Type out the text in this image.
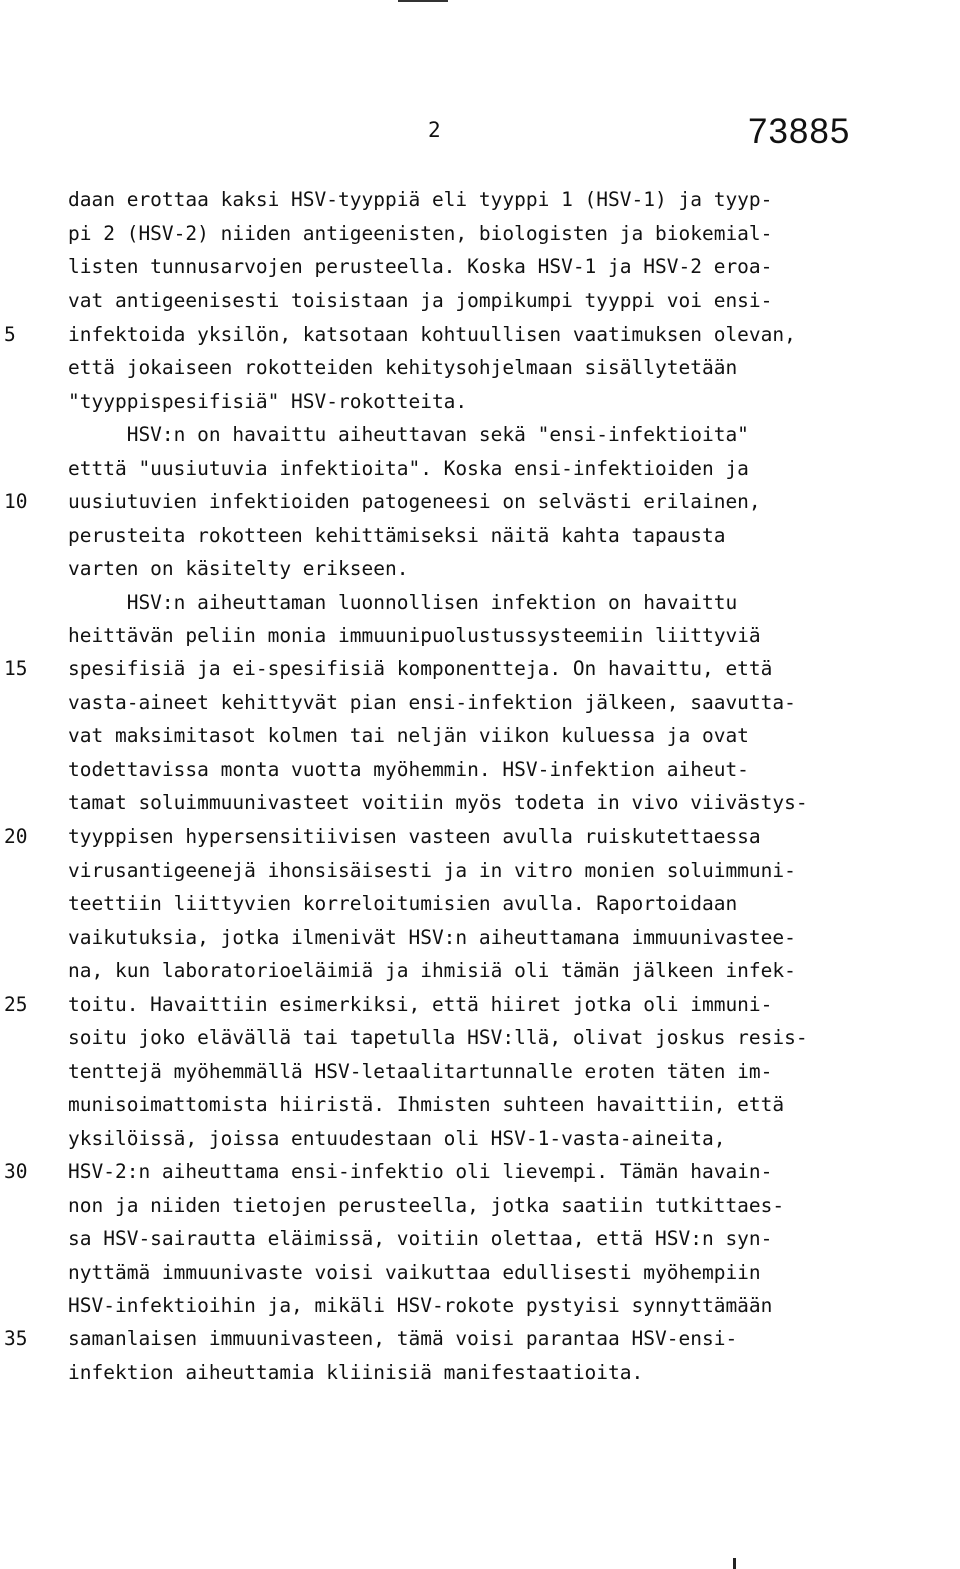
2	73885
5
10
15
20
25
30
35
daan erottaa kaksi HSV-tyyppiä eli tyyppi 1 (HSV-1) ja tyyp-
pi 2 (HSV-2) niiden antigeenisten, biologisten ja biokemial-
listen tunnusarvojen perusteella. Koska HSV-1 ja HSV-2 eroa-
vat antigeenisesti toisistaan ja jompikumpi tyyppi voi ensi-
infektoida yksilön, katsotaan kohtuullisen vaatimuksen olevan,
että jokaiseen rokotteiden kehitysohjelmaan sisällytetään
"tyyppispesifisiä" HSV-rokotteita.
HSV:n on havaittu aiheuttavan sekä "ensi-infektioita"
etttä "uusiutuvia infektioita". Koska ensi-infektioiden ja
uusiutuvien infektioiden patogeneesi on selvästi erilainen,
perusteita rokotteen kehittämiseksi näitä kahta tapausta
varten on käsitelty erikseen.
HSV:n aiheuttaman luonnollisen infektion on havaittu
heittävän peliin monia immuunipuolustussysteemiin liittyviä
spesifisiä ja ei-spesifisiä komponentteja. On havaittu, että
vasta-aineet kehittyvät pian ensi-infektion jälkeen, saavutta-
vat maksimitasot kolmen tai neljän viikon kuluessa ja ovat
todettavissa monta vuotta myöhemmin. HSV-infektion aiheut-
tamat soluimmuunivasteet voitiin myös todeta in vivo viivästys-
tyyppisen hypersensitiivisen vasteen avulla ruiskutettaessa
virusantigeenejä ihonsisäisesti ja in vitro monien soluimmuni-
teettiin liittyvien korreloitumisien avulla. Raportoidaan
vaikutuksia, jotka ilmenivät HSV:n aiheuttamana immuunivastee-
na, kun laboratorioeläimiä ja ihmisiä oli tämän jälkeen infek-
toitu. Havaittiin esimerkiksi, että hiiret jotka oli immuni-
soitu joko elävällä tai tapetulla HSV:llä, olivat joskus resis-
tenttejä myöhemmällä HSV-letaalitartunnalle eroten täten im-
munisoimattomista hiiristä. Ihmisten suhteen havaittiin, että
yksilöissä, joissa entuudestaan oli HSV-1-vasta-aineita,
HSV-2:n aiheuttama ensi-infektio oli lievempi. Tämän havain-
non ja niiden tietojen perusteella, jotka saatiin tutkittaes-
sa HSV-sairautta eläimissä, voitiin olettaa, että HSV:n syn-
nyttämä immuunivaste voisi vaikuttaa edullisesti myöhempiin
HSV-infektioihin ja, mikäli HSV-rokote pystyisi synnyttämään
samanlaisen immuunivasteen, tämä voisi parantaa HSV-ensi-
infektion aiheuttamia kliinisiä manifestaatioita.
